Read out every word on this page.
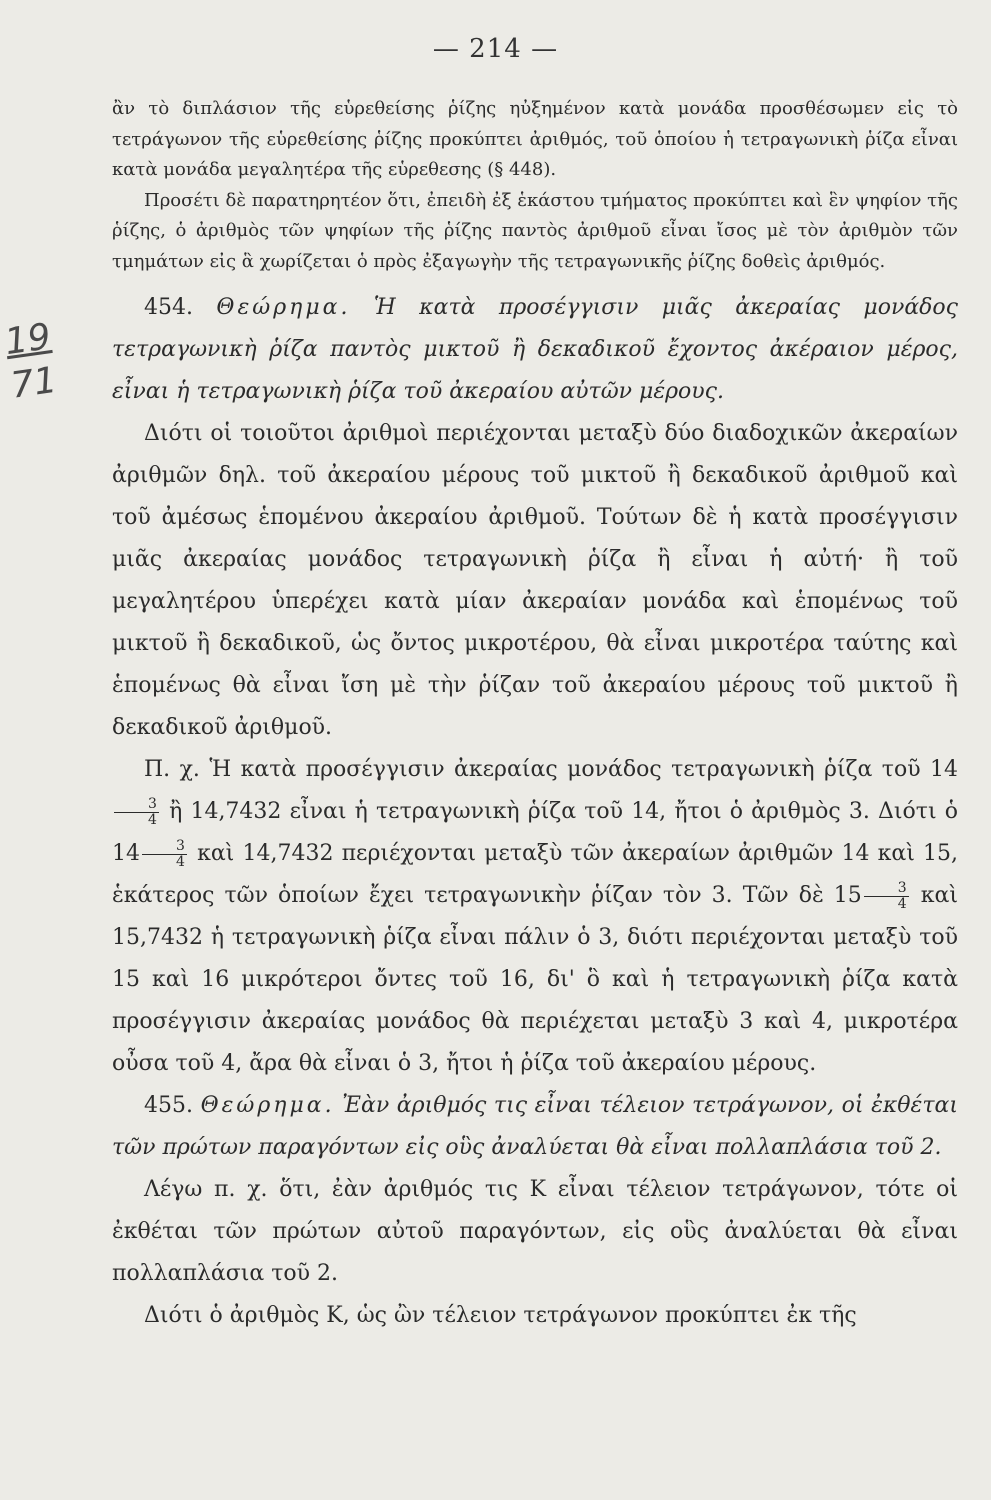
— 214 —
19
71

ἂν τὸ διπλάσιον τῆς εὑρεθείσης ῥίζης ηὐξημένον κατὰ μονάδα προσθέσωμεν εἰς τὸ τετράγωνον τῆς εὑρεθείσης ῥίζης προκύπτει ἀριθμός, τοῦ ὁποίου ἡ τετραγωνικὴ ῥίζα εἶναι κατὰ μονάδα μεγαλητέρα τῆς εὑρεθεσης (§ 448).

Προσέτι δὲ παρατηρητέον ὅτι, ἐπειδὴ ἐξ ἑκάστου τμήματος προκύπτει καὶ ἓν ψηφίον τῆς ῥίζης, ὁ ἀριθμὸς τῶν ψηφίων τῆς ῥίζης παντὸς ἀριθμοῦ εἶναι ἴσος μὲ τὸν ἀριθμὸν τῶν τμημάτων εἰς ἃ χωρίζεται ὁ πρὸς ἐξαγωγὴν τῆς τετραγωνικῆς ῥίζης δοθεὶς ἀριθμός.

454. Θεώρημα. Ἡ κατὰ προσέγγισιν μιᾶς ἀκεραίας μονάδος τετραγωνικὴ ῥίζα παντὸς μικτοῦ ἢ δεκαδικοῦ ἔχοντος ἀκέραιον μέρος, εἶναι ἡ τετραγωνικὴ ῥίζα τοῦ ἀκεραίου αὐτῶν μέρους.

Διότι οἱ τοιοῦτοι ἀριθμοὶ περιέχονται μεταξὺ δύο διαδοχικῶν ἀκεραίων ἀριθμῶν δηλ. τοῦ ἀκεραίου μέρους τοῦ μικτοῦ ἢ δεκαδικοῦ ἀριθμοῦ καὶ τοῦ ἀμέσως ἑπομένου ἀκεραίου ἀριθμοῦ. Τούτων δὲ ἡ κατὰ προσέγγισιν μιᾶς ἀκεραίας μονάδος τετραγωνικὴ ῥίζα ἢ εἶναι ἡ αὐτή· ἢ τοῦ μεγαλητέρου ὑπερέχει κατὰ μίαν ἀκεραίαν μονάδα καὶ ἑπομένως τοῦ μικτοῦ ἢ δεκαδικοῦ, ὡς ὄντος μικροτέρου, θὰ εἶναι μικροτέρα ταύτης καὶ ἑπομένως θὰ εἶναι ἴση μὲ τὴν ῥίζαν τοῦ ἀκεραίου μέρους τοῦ μικτοῦ ἢ δεκαδικοῦ ἀριθμοῦ.

Π. χ. Ἡ κατὰ προσέγγισιν ἀκεραίας μονάδος τετραγωνικὴ ῥίζα τοῦ 14
$\frac{3}{4}$ ἢ 14,7432 εἶναι ἡ τετραγωνικὴ ῥίζα τοῦ 14, ἤτοι ὁ ἀριθμὸς 3. Διότι ὁ $14 \frac{3}{4}$ καὶ 14,7432 περιέχονται μεταξὺ τῶν ἀκεραίων ἀριθμῶν 14 καὶ 15, ἑκάτερος τῶν ὁποίων ἔχει τετραγωνικὴν ῥίζαν τὸν 3. Τῶν δὲ $15 \frac{3}{4}$ καὶ 15,7432 ἡ τετραγωνικὴ ῥίζα εἶναι πάλιν ὁ 3, διότι περιέχονται μεταξὺ τοῦ 15 καὶ 16 μικρότεροι ὄντες τοῦ 16, δι' ὃ καὶ ἡ τετραγωνικὴ ῥίζα κατὰ προσέγγισιν ἀκεραίας μονάδος θὰ περιέχεται μεταξὺ 3 καὶ 4, μικροτέρα οὖσα τοῦ 4, ἄρα θὰ εἶναι ὁ 3, ἤτοι ἡ ῥίζα τοῦ ἀκεραίου μέρους.

455. Θεώρημα. Ἐὰν ἀριθμός τις εἶναι τέλειον τετράγωνον, οἱ ἐκθέται τῶν πρώτων παραγόντων εἰς οὓς ἀναλύεται θὰ εἶναι πολλαπλάσια τοῦ 2.

Λέγω π. χ. ὅτι, ἐὰν ἀριθμός τις Κ εἶναι τέλειον τετράγωνον, τότε οἱ ἐκθέται τῶν πρώτων αὐτοῦ παραγόντων, εἰς οὓς ἀναλύεται θὰ εἶναι πολλαπλάσια τοῦ 2.

Διότι ὁ ἀριθμὸς Κ, ὡς ὢν τέλειον τετράγωνον προκύπτει ἐκ τῆς
